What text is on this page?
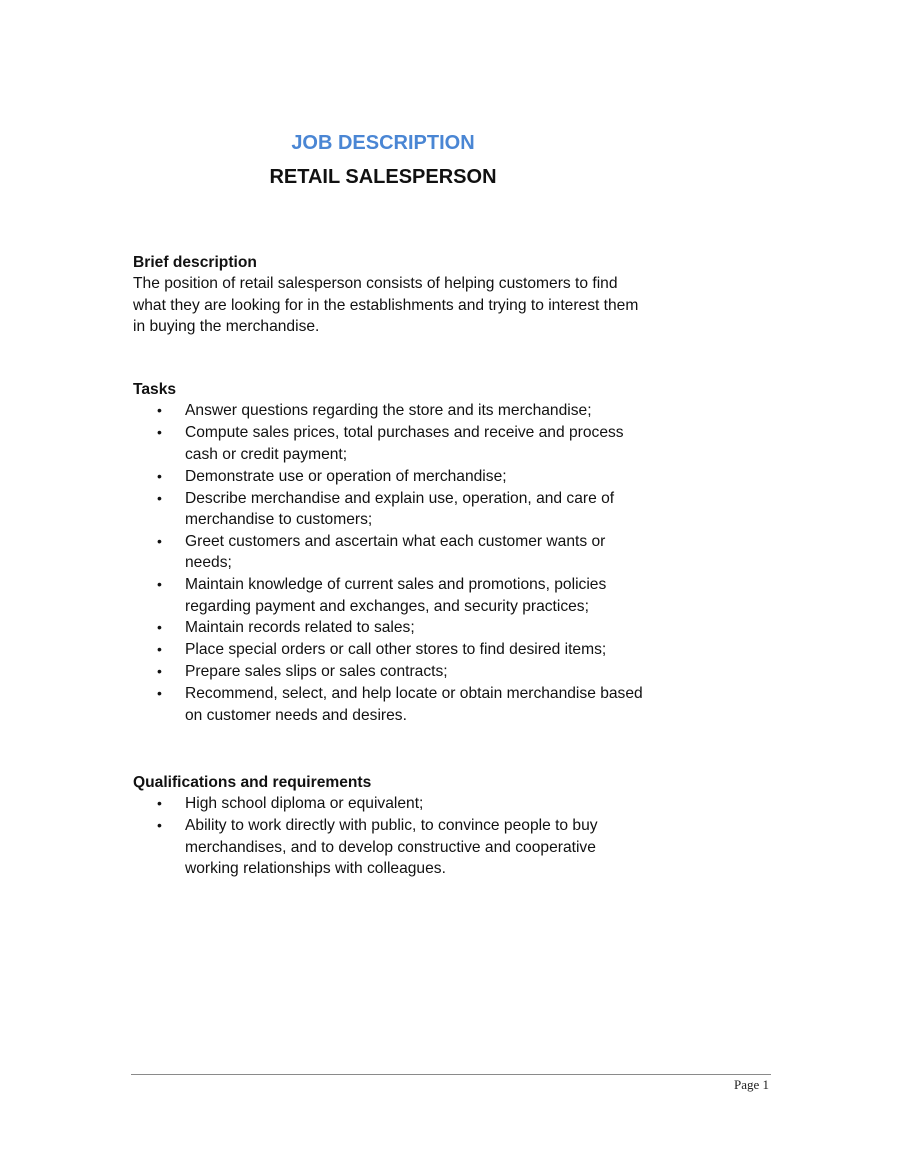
JOB DESCRIPTION
RETAIL SALESPERSON

Brief description

The position of retail salesperson consists of helping customers to find what they are looking for in the establishments and trying to interest them in buying the merchandise.

Tasks

• Answer questions regarding the store and its merchandise;
• Compute sales prices, total purchases and receive and process cash or credit payment;
• Demonstrate use or operation of merchandise;
• Describe merchandise and explain use, operation, and care of merchandise to customers;
• Greet customers and ascertain what each customer wants or needs;
• Maintain knowledge of current sales and promotions, policies regarding payment and exchanges, and security practices;
• Maintain records related to sales;
• Place special orders or call other stores to find desired items;
• Prepare sales slips or sales contracts;
• Recommend, select, and help locate or obtain merchandise based on customer needs and desires.

Qualifications and requirements

• High school diploma or equivalent;
• Ability to work directly with public, to convince people to buy merchandises, and to develop constructive and cooperative working relationships with colleagues.
Page 1
